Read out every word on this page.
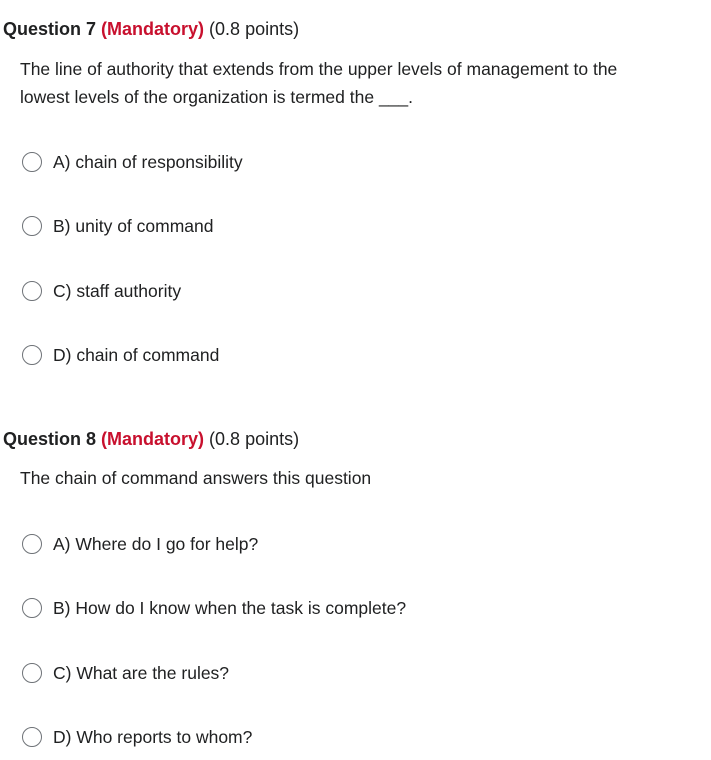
Question 7 (Mandatory) (0.8 points)
The line of authority that extends from the upper levels of management to the
lowest levels of the organization is termed the ___.
A) chain of responsibility
B) unity of command
C) staff authority
D) chain of command
Question 8 (Mandatory) (0.8 points)
The chain of command answers this question
A) Where do I go for help?
B) How do I know when the task is complete?
C) What are the rules?
D) Who reports to whom?
